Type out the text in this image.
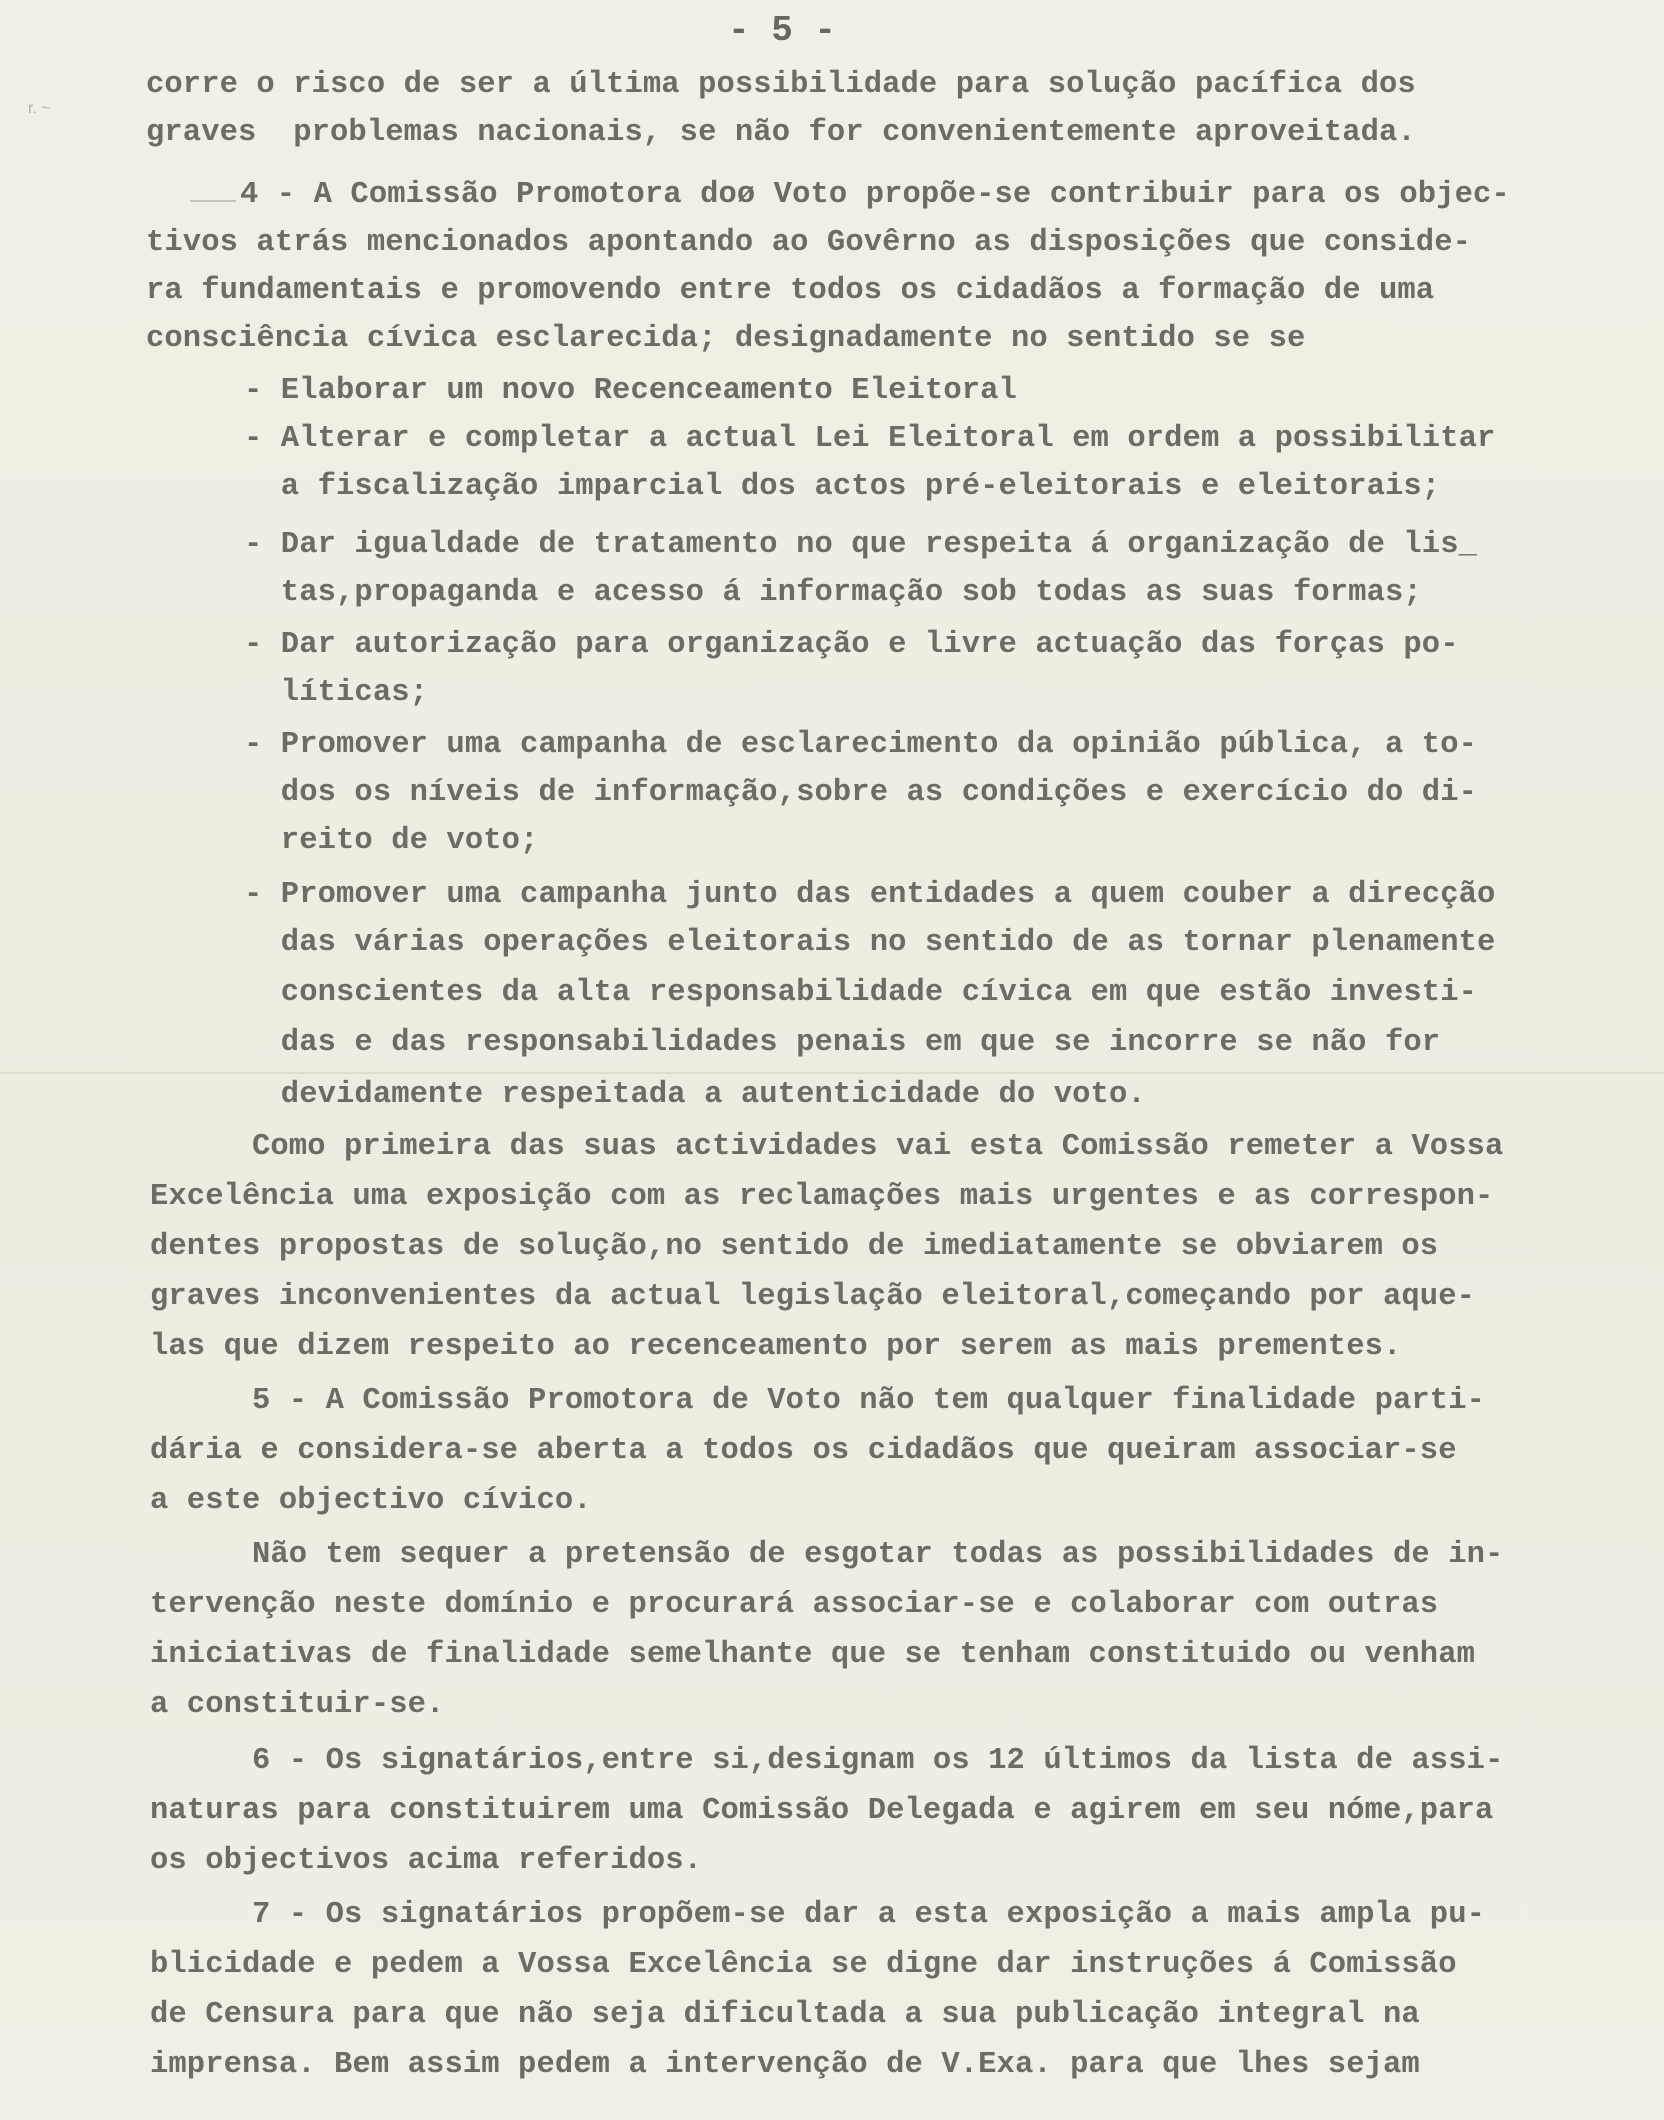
- 5 -
r. ~
corre o risco de ser a última possibilidade para solução pacífica dos
graves  problemas nacionais, se não for convenientemente aproveitada.
4 - A Comissão Promotora doø Voto propõe-se contribuir para os objec-
tivos atrás mencionados apontando ao Govêrno as disposições que conside-
ra fundamentais e promovendo entre todos os cidadãos a formação de uma
consciência cívica esclarecida; designadamente no sentido se se
- Elaborar um novo Recenceamento Eleitoral
- Alterar e completar a actual Lei Eleitoral em ordem a possibilitar
a fiscalização imparcial dos actos pré-eleitorais e eleitorais;
- Dar igualdade de tratamento no que respeita á organização de lis_
tas,propaganda e acesso á informação sob todas as suas formas;
- Dar autorização para organização e livre actuação das forças po-
líticas;
- Promover uma campanha de esclarecimento da opinião pública, a to-
dos os níveis de informação,sobre as condições e exercício do di-
reito de voto;
- Promover uma campanha junto das entidades a quem couber a direcção
das várias operações eleitorais no sentido de as tornar plenamente
conscientes da alta responsabilidade cívica em que estão investi-
das e das responsabilidades penais em que se incorre se não for
devidamente respeitada a autenticidade do voto.
Como primeira das suas actividades vai esta Comissão remeter a Vossa
Excelência uma exposição com as reclamações mais urgentes e as correspon-
dentes propostas de solução,no sentido de imediatamente se obviarem os
graves inconvenientes da actual legislação eleitoral,começando por aque-
las que dizem respeito ao recenceamento por serem as mais prementes.
5 - A Comissão Promotora de Voto não tem qualquer finalidade parti-
dária e considera-se aberta a todos os cidadãos que queiram associar-se
a este objectivo cívico.
Não tem sequer a pretensão de esgotar todas as possibilidades de in-
tervenção neste domínio e procurará associar-se e colaborar com outras
iniciativas de finalidade semelhante que se tenham constituido ou venham
a constituir-se.
6 - Os signatários,entre si,designam os 12 últimos da lista de assi-
naturas para constituirem uma Comissão Delegada e agirem em seu nóme,para
os objectivos acima referidos.
7 - Os signatários propõem-se dar a esta exposição a mais ampla pu-
blicidade e pedem a Vossa Excelência se digne dar instruções á Comissão
de Censura para que não seja dificultada a sua publicação integral na
imprensa. Bem assim pedem a intervenção de V.Exa. para que lhes sejam
